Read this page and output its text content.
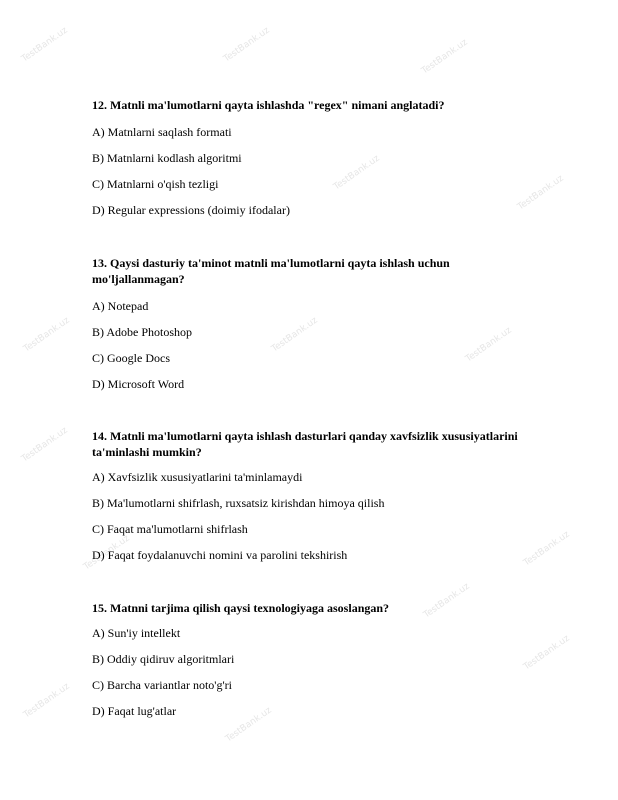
TestBank.uz	TestBank.uz	TestBank.uz
TestBank.uz
TestBank.uz
TestBank.uz	TestBank.uz	TestBank.uz
TestBank.uz
TestBank.uz	TestBank.uz
TestBank.uz
TestBank.uz
TestBank.uz
TestBank.uz

12. Matnli ma'lumotlarni qayta ishlashda "regex" nimani anglatadi?

A) Matnlarni saqlash formati

B) Matnlarni kodlash algoritmi

C) Matnlarni o'qish tezligi

D) Regular expressions (doimiy ifodalar)

13. Qaysi dasturiy ta'minot matnli ma'lumotlarni qayta ishlash uchun

mo'ljallanmagan?

A) Notepad

B) Adobe Photoshop

C) Google Docs

D) Microsoft Word

14. Matnli ma'lumotlarni qayta ishlash dasturlari qanday xavfsizlik xususiyatlarini

ta'minlashi mumkin?

A) Xavfsizlik xususiyatlarini ta'minlamaydi

B) Ma'lumotlarni shifrlash, ruxsatsiz kirishdan himoya qilish

C) Faqat ma'lumotlarni shifrlash

D) Faqat foydalanuvchi nomini va parolini tekshirish

15. Matnni tarjima qilish qaysi texnologiyaga asoslangan?

A) Sun'iy intellekt

B) Oddiy qidiruv algoritmlari

C) Barcha variantlar noto'g'ri

D) Faqat lug'atlar
